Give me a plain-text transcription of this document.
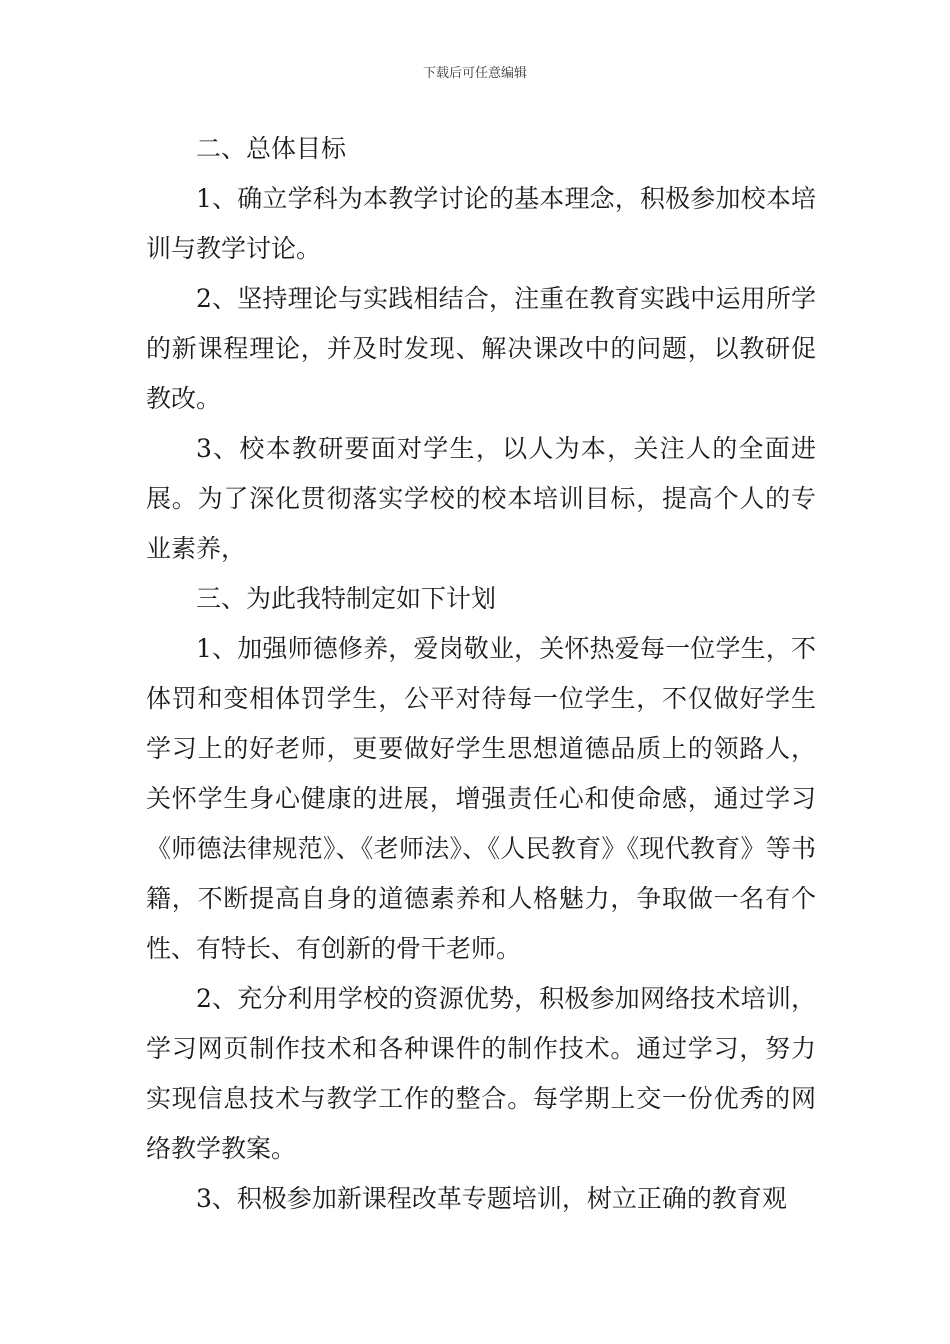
下载后可任意编辑

二、总体目标

1、确立学科为本教学讨论的基本理念，积极参加校本培训与教学讨论。

2、坚持理论与实践相结合，注重在教育实践中运用所学的新课程理论，并及时发现、解决课改中的问题，以教研促教改。

3、校本教研要面对学生，以人为本，关注人的全面进展。为了深化贯彻落实学校的校本培训目标，提高个人的专业素养，

三、为此我特制定如下计划

1、加强师德修养，爱岗敬业，关怀热爱每一位学生，不体罚和变相体罚学生，公平对待每一位学生，不仅做好学生学习上的好老师，更要做好学生思想道德品质上的领路人，关怀学生身心健康的进展，增强责任心和使命感，通过学习《师德法律规范》、《老师法》、《人民教育》《现代教育》等书籍，不断提高自身的道德素养和人格魅力，争取做一名有个性、有特长、有创新的骨干老师。

2、充分利用学校的资源优势，积极参加网络技术培训，学习网页制作技术和各种课件的制作技术。通过学习，努力实现信息技术与教学工作的整合。每学期上交一份优秀的网络教学教案。

3、积极参加新课程改革专题培训，树立正确的教育观
